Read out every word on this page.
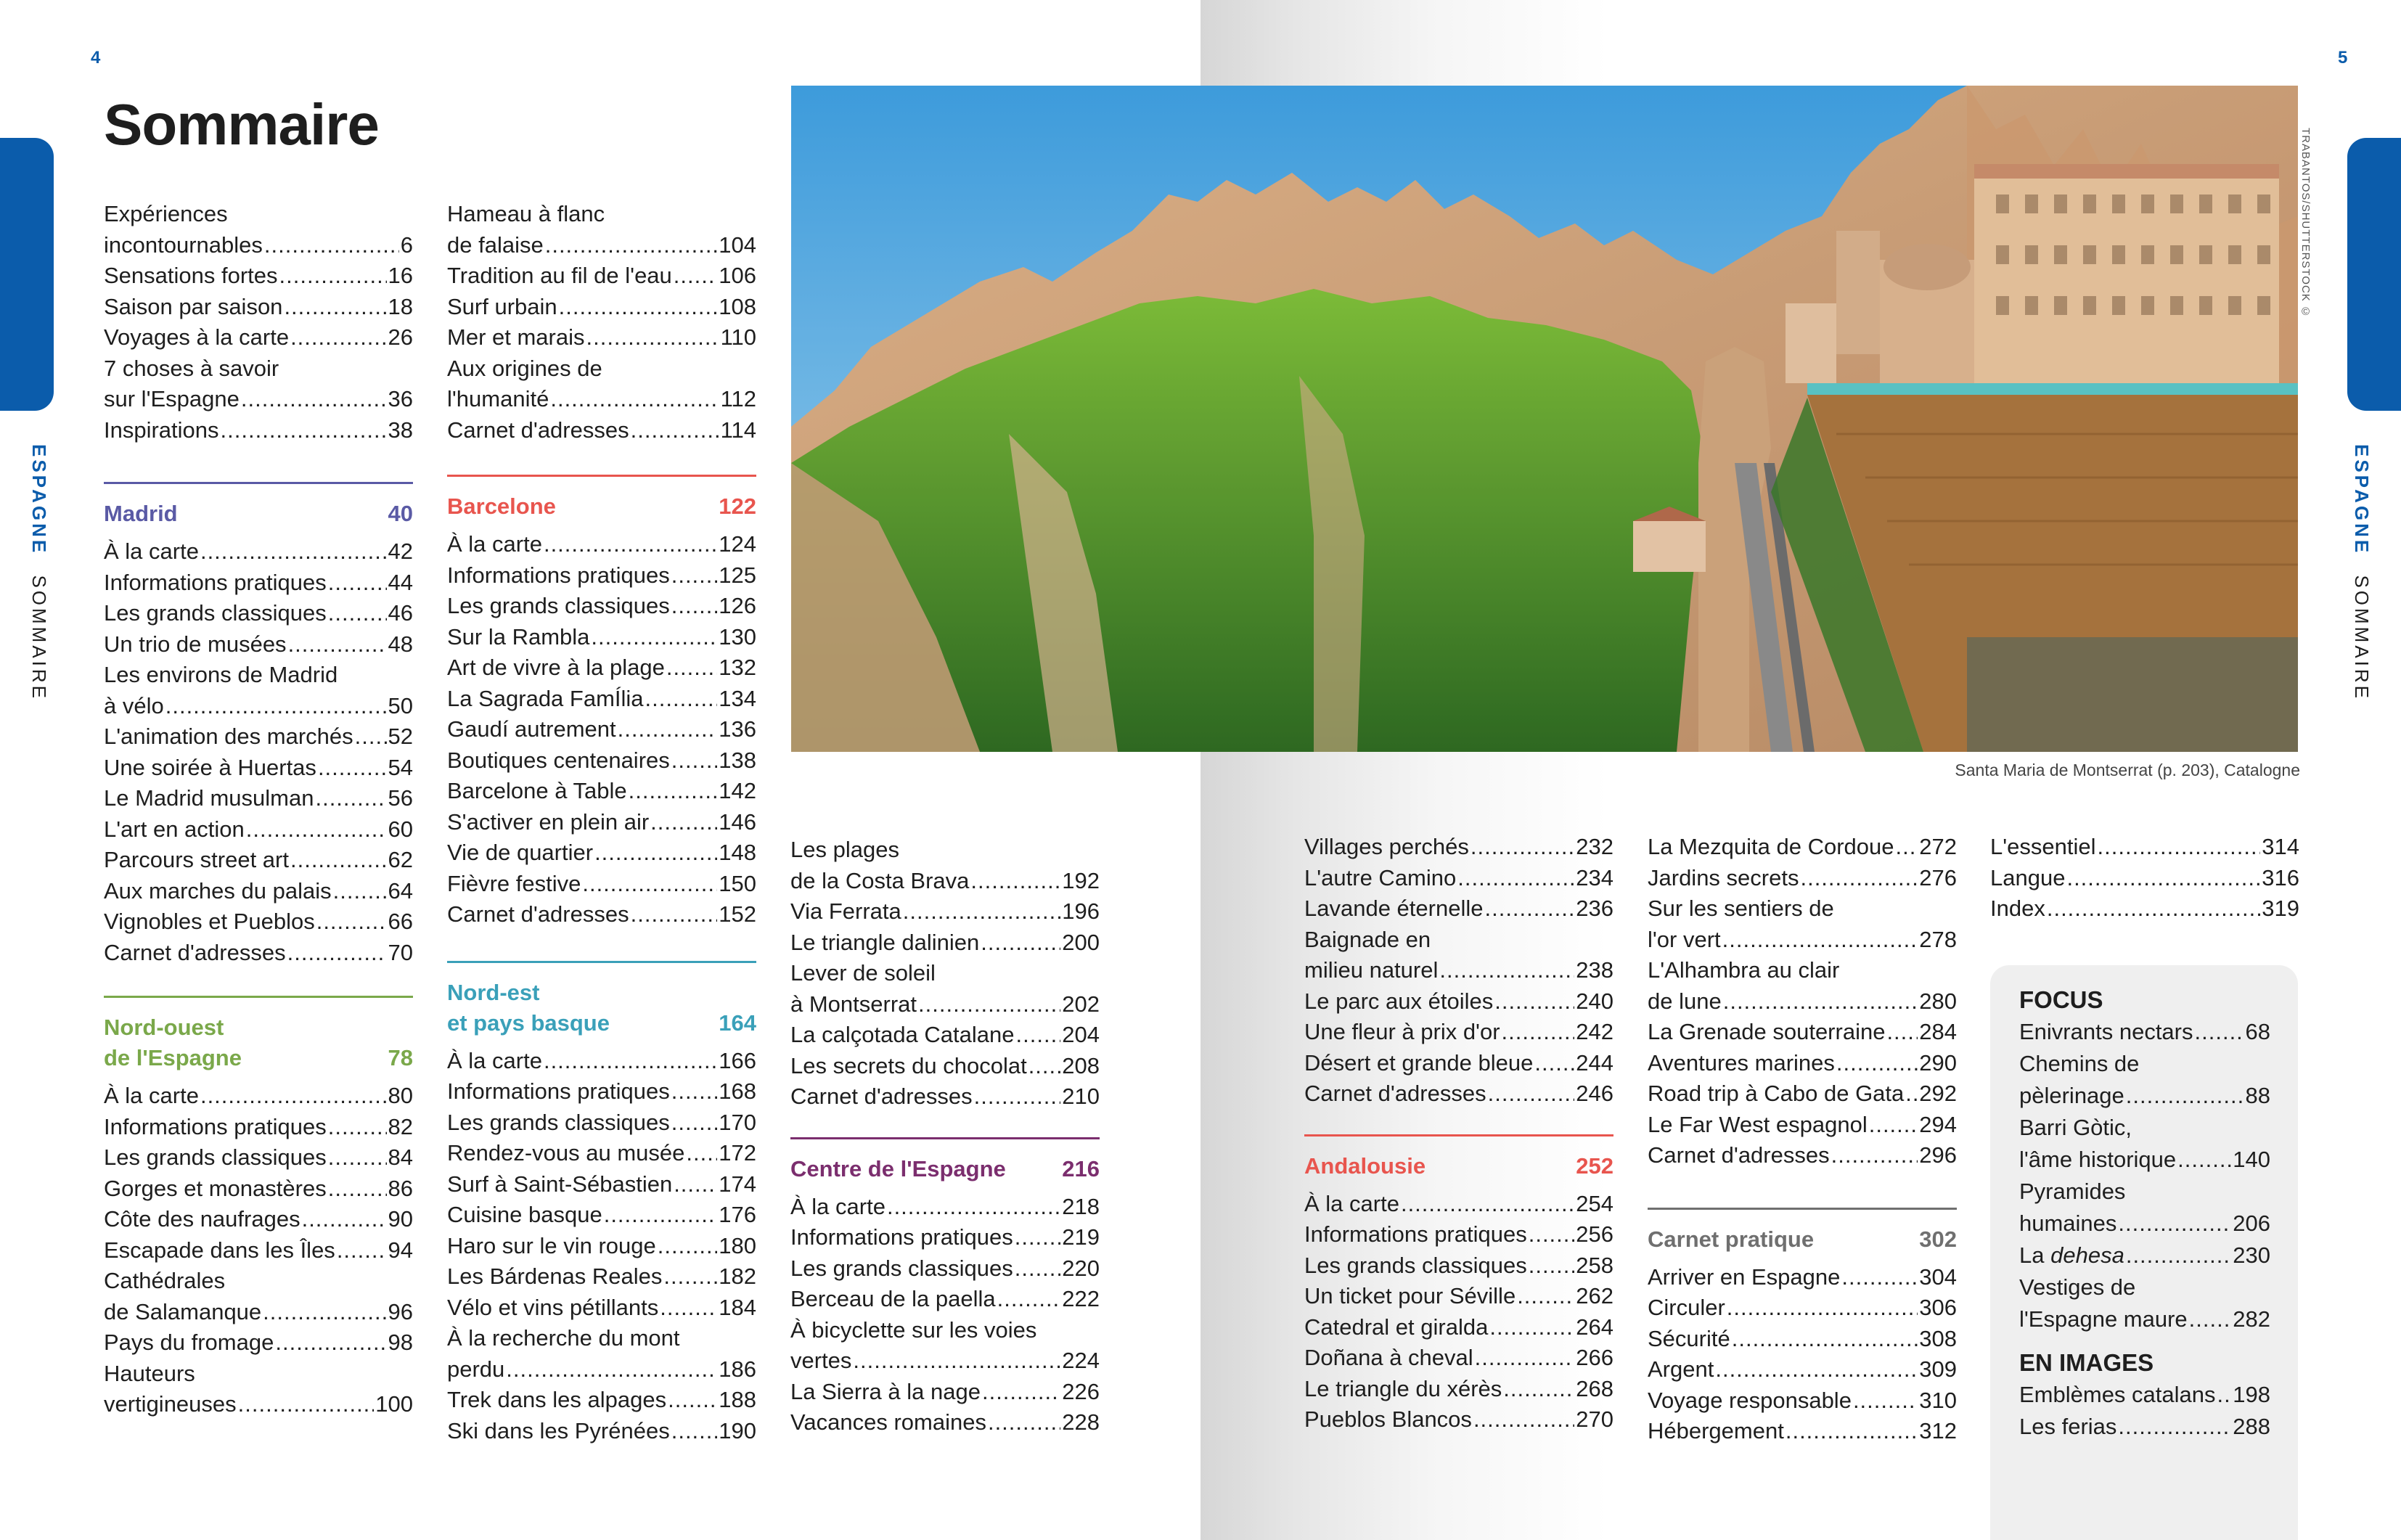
4	5
ESPAGNE SOMMAIRE
ESPAGNE SOMMAIRE
Sommaire
Expériences
incontournables .....	6
Sensations fortes .....	16
Saison par saison .....	18
Voyages à la carte .....	26
7 choses à savoir
sur l'Espagne .....	36
Inspirations .....	38
Madrid	40
À la carte .....	42
Informations pratiques .....	44
Les grands classiques .....	46
Un trio de musées .....	48
Les environs de Madrid
à vélo .....	50
L'animation des marchés ..... 52
Une soirée à Huertas .....	54
Le Madrid musulman .....	56
L'art en action .....	60
Parcours street art .....	62
Aux marches du palais .....	64
Vignobles et Pueblos .....	66
Carnet d'adresses .....	70
Nord-ouest
de l'Espagne	78
À la carte .....	80
Informations pratiques .....	82
Les grands classiques .....	84
Gorges et monastères .....	86
Côte des naufrages .....	90
Escapade dans les Îles ..... 94
Cathédrales
de Salamanque .....	96
Pays du fromage .....	98
Hauteurs
vertigineuses .....	100
Hameau à flanc
de falaise .....	104
Tradition au fil de l'eau ..... 106
Surf urbain .....	108
Mer et marais .....	110
Aux origines de
l'humanité .....	112
Carnet d'adresses .....	114
Barcelone	122
À la carte .....	124
Informations pratiques ..... 125
Les grands classiques ..... 126
Sur la Rambla .....	130
Art de vivre à la plage ..... 132
La Sagrada FamÍlia .....	134
Gaudí autrement .....	136
Boutiques centenaires ..... 138
Barcelone à Table .....	142
S'activer en plein air .....	146
Vie de quartier .....	148
Fièvre festive .....	150
Carnet d'adresses .....	152
Nord-est
et pays basque	164
À la carte .....	166
Informations pratiques ..... 168
Les grands classiques ..... 170
Rendez-vous au musée ..... 172
Surf à Saint-Sébastien ..... 174
Cuisine basque .....	176
Haro sur le vin rouge .....	180
Les Bárdenas Reales .....	182
Vélo et vins pétillants .....	184
À la recherche du mont
perdu .....	186
Trek dans les alpages ..... 188
Ski dans les Pyrénées ..... 190
TRABANTOS/SHUTTERSTOCK ©
Santa Maria de Montserrat (p. 203), Catalogne
Les plages
de la Costa Brava .....	192
Via Ferrata .....	196
Le triangle dalinien .....	200
Lever de soleil
à Montserrat .....	202
La calçotada Catalane ..... 204
Les secrets du chocolat ..... 208
Carnet d'adresses .....	210
Centre de l'Espagne 216
À la carte .....	218
Informations pratiques ..... 219
Les grands classiques ..... 220
Berceau de la paella .....	222
À bicyclette sur les voies
vertes .....	224
La Sierra à la nage .....	226
Vacances romaines .....	228
Villages perchés .....	232
L'autre Camino .....	234
Lavande éternelle .....	236
Baignade en
milieu naturel .....	238
Le parc aux étoiles .....	240
Une fleur à prix d'or .....	242
Désert et grande bleue ..... 244
Carnet d'adresses .....	246
Andalousie	252
À la carte .....	254
Informations pratiques ..... 256
Les grands classiques ..... 258
Un ticket pour Séville .....	262
Catedral et giralda .....	264
Doñana à cheval .....	266
Le triangle du xérès .....	268
Pueblos Blancos .....	270
La Mezquita de Cordoue ..... 272
Jardins secrets .....	276
Sur les sentiers de
l'or vert .....	278
L'Alhambra au clair
de lune .....	280
La Grenade souterraine ..... 284
Aventures marines .....	290
Road trip à Cabo de Gata ..... 292
Le Far West espagnol ..... 294
Carnet d'adresses .....	296
Carnet pratique	302
Arriver en Espagne .....	304
Circuler .....	306
Sécurité .....	308
Argent .....	309
Voyage responsable .....	310
Hébergement .....	312
L'essentiel .....	314
Langue .....	316
Index .....	319
FOCUS
Enivrants nectars ..... 68
Chemins de
pèlerinage .....	88
Barri Gòtic,
l'âme historique .....	140
Pyramides
humaines .....	206
La dehesa .....	230
Vestiges de
l'Espagne maure ..... 282
EN IMAGES
Emblèmes catalans ..... 198
Les ferias .....	288
